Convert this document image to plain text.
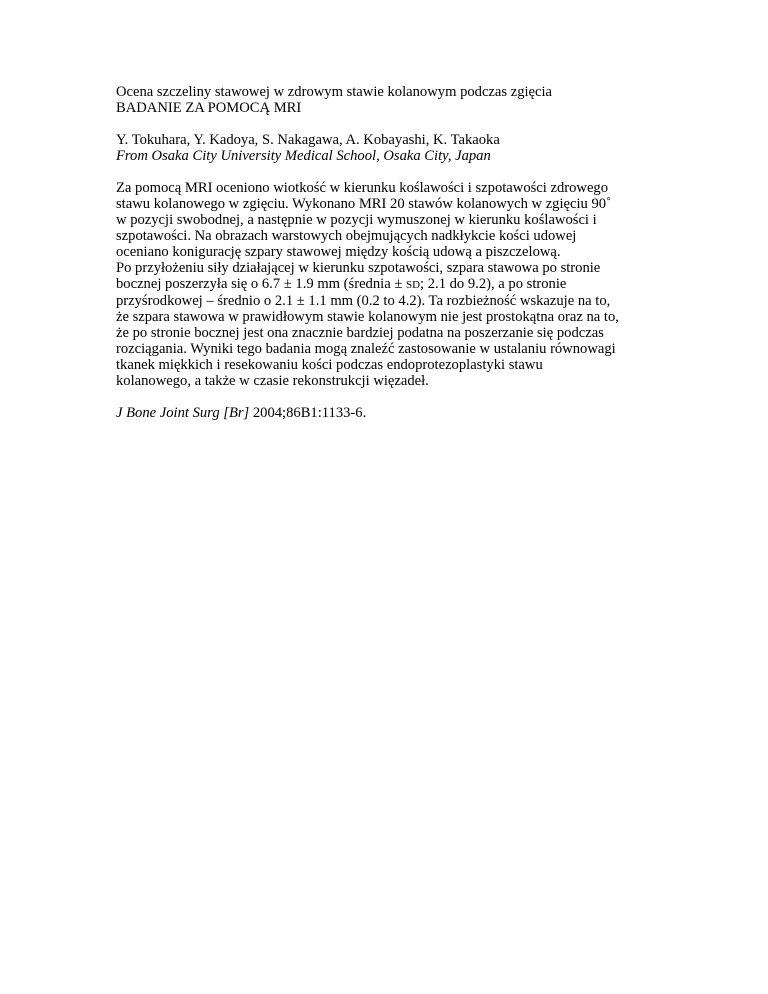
Ocena szczeliny stawowej w zdrowym stawie kolanowym podczas zgięcia
BADANIE ZA POMOCĄ MRI
Y. Tokuhara, Y. Kadoya, S. Nakagawa, A. Kobayashi, K. Takaoka
From Osaka City University Medical School, Osaka City, Japan
Za pomocą MRI oceniono wiotkość w kierunku koślawości i szpotawości zdrowego
stawu kolanowego w zgięciu. Wykonano MRI 20 stawów kolanowych w zgięciu 90˚
w pozycji swobodnej, a następnie w pozycji wymuszonej w kierunku koślawości i
szpotawości. Na obrazach warstowych obejmujących nadkłykcie kości udowej
oceniano konigurację szpary stawowej między kością udową a piszczelową.
Po przyłożeniu siły działającej w kierunku szpotawości, szpara stawowa po stronie
bocznej poszerzyła się o 6.7 ± 1.9 mm (średnia ± SD; 2.1 do 9.2), a po stronie
przyśrodkowej – średnio o 2.1 ± 1.1 mm (0.2 to 4.2). Ta rozbieżność wskazuje na to,
że szpara stawowa w prawidłowym stawie kolanowym nie jest prostokątna oraz na to,
że po stronie bocznej jest ona znacznie bardziej podatna na poszerzanie się podczas
rozciągania. Wyniki tego badania mogą znaleźć zastosowanie w ustalaniu równowagi
tkanek miękkich i resekowaniu kości podczas endoprotezoplastyki stawu
kolanowego, a także w czasie rekonstrukcji więzadeł.
J Bone Joint Surg [Br] 2004;86B1:1133-6.
